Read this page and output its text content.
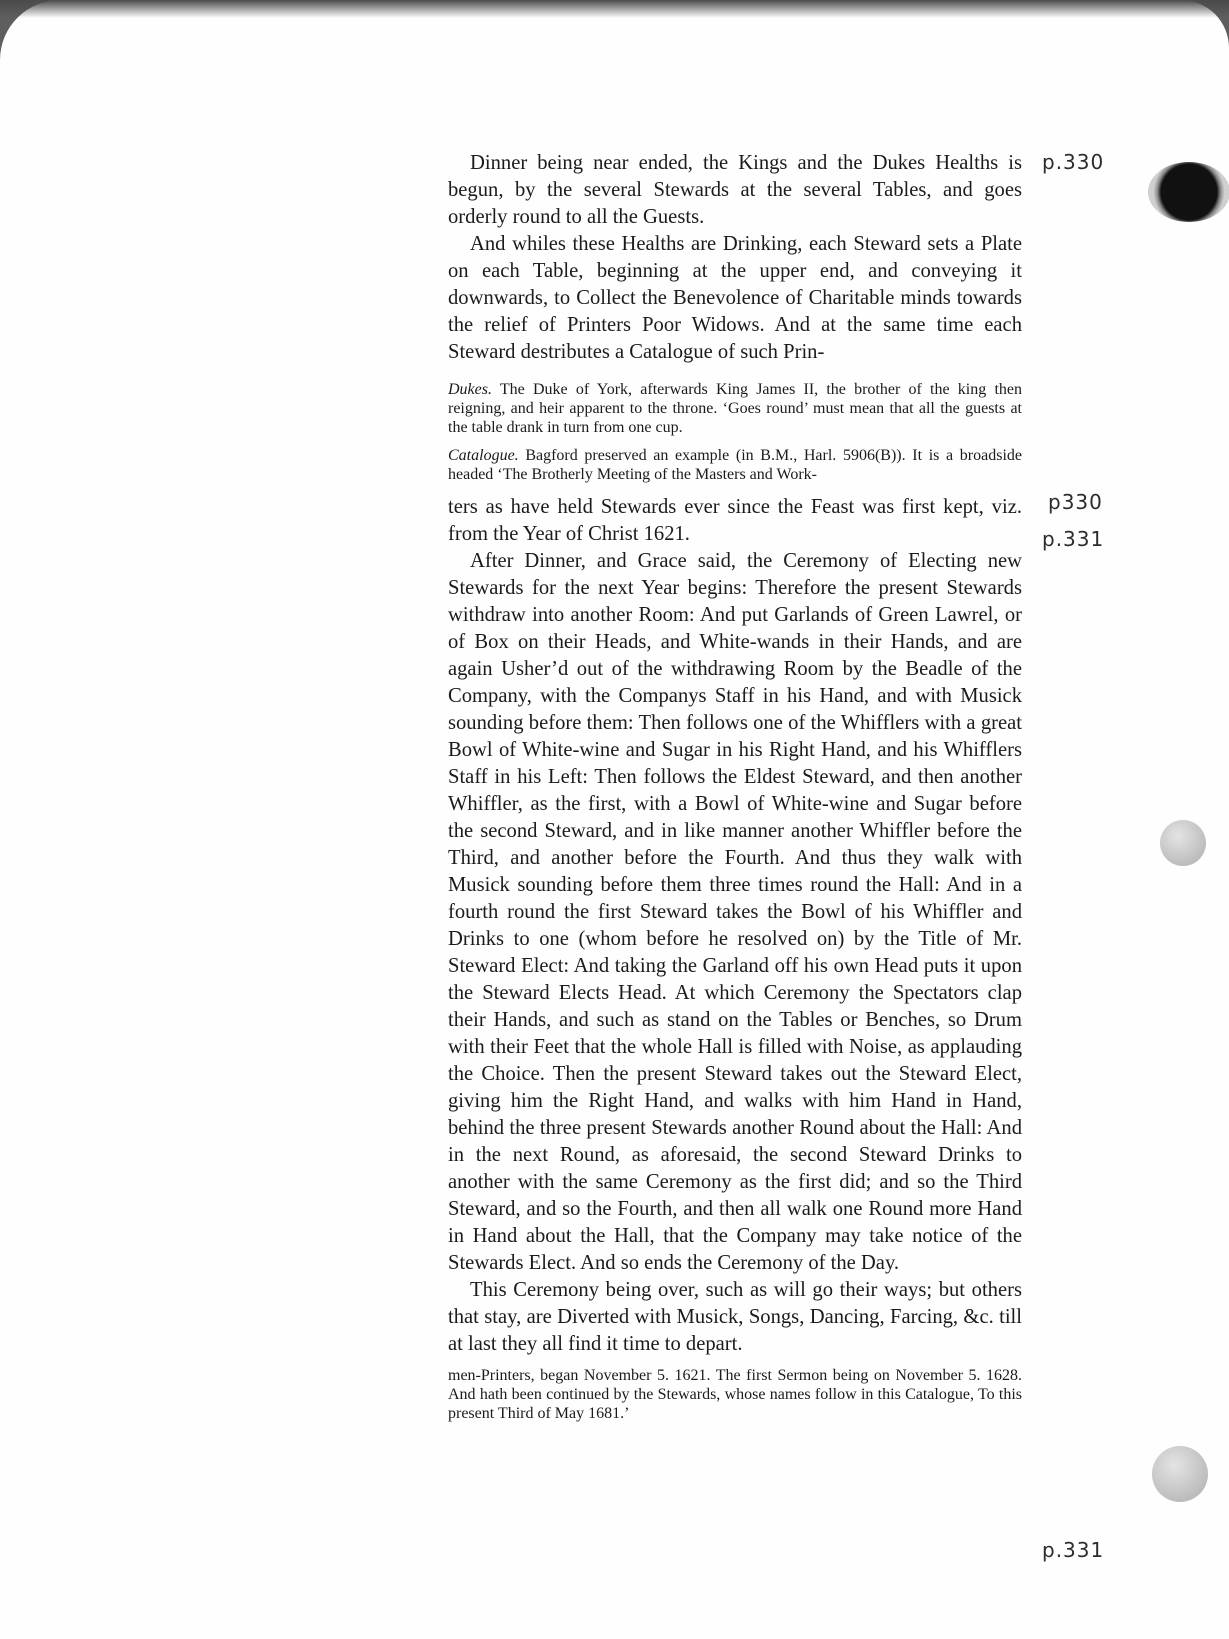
Dinner being near ended, the Kings and the Dukes Healths is begun, by the several Stewards at the several Tables, and goes orderly round to all the Guests.

And whiles these Healths are Drinking, each Steward sets a Plate on each Table, beginning at the upper end, and conveying it downwards, to Collect the Benevolence of Charitable minds towards the relief of Printers Poor Widows. And at the same time each Steward destributes a Catalogue of such Prin-

Dukes. The Duke of York, afterwards King James II, the brother of the king then reigning, and heir apparent to the throne. ‘Goes round’ must mean that all the guests at the table drank in turn from one cup.

Catalogue. Bagford preserved an example (in B.M., Harl. 5906(B)). It is a broadside headed ‘The Brotherly Meeting of the Masters and Work-

ters as have held Stewards ever since the Feast was first kept, viz. from the Year of Christ 1621.

After Dinner, and Grace said, the Ceremony of Electing new Stewards for the next Year begins: Therefore the present Stewards withdraw into another Room: And put Garlands of Green Lawrel, or of Box on their Heads, and White-wands in their Hands, and are again Usher’d out of the withdrawing Room by the Beadle of the Company, with the Companys Staff in his Hand, and with Musick sounding before them: Then follows one of the Whifflers with a great Bowl of White-wine and Sugar in his Right Hand, and his Whifflers Staff in his Left: Then follows the Eldest Steward, and then another Whiffler, as the first, with a Bowl of White-wine and Sugar before the second Steward, and in like manner another Whiffler before the Third, and another before the Fourth. And thus they walk with Musick sounding before them three times round the Hall: And in a fourth round the first Steward takes the Bowl of his Whiffler and Drinks to one (whom before he resolved on) by the Title of Mr. Steward Elect: And taking the Garland off his own Head puts it upon the Steward Elects Head. At which Ceremony the Spectators clap their Hands, and such as stand on the Tables or Benches, so Drum with their Feet that the whole Hall is filled with Noise, as applauding the Choice. Then the present Steward takes out the Steward Elect, giving him the Right Hand, and walks with him Hand in Hand, behind the three present Stewards another Round about the Hall: And in the next Round, as aforesaid, the second Steward Drinks to another with the same Ceremony as the first did; and so the Third Steward, and so the Fourth, and then all walk one Round more Hand in Hand about the Hall, that the Company may take notice of the Stewards Elect. And so ends the Ceremony of the Day.

This Ceremony being over, such as will go their ways; but others that stay, are Diverted with Musick, Songs, Dancing, Farcing, &c. till at last they all find it time to depart.

men-Printers, began November 5. 1621. The first Sermon being on November 5. 1628. And hath been continued by the Stewards, whose names follow in this Catalogue, To this present Third of May 1681.’

p.330
p330
p.331
p.331
